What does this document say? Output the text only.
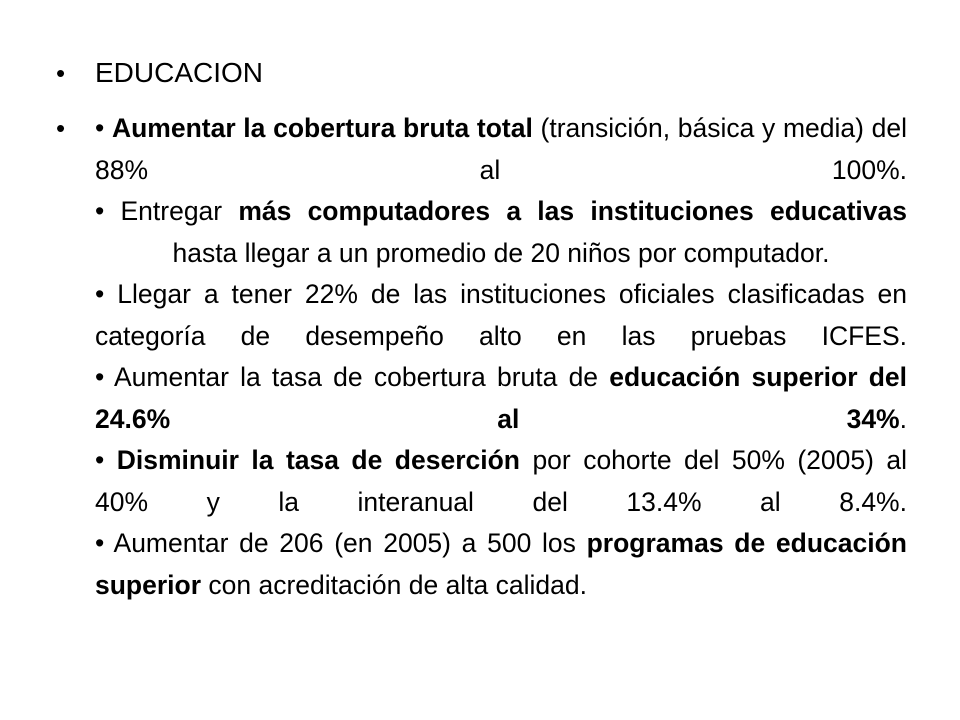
• EDUCACION
• • Aumentar la cobertura bruta total (transición, básica y media) del 88% al 100%.
• Entregar más computadores a las instituciones educativas hasta llegar a un promedio de 20 niños por computador.
• Llegar a tener 22% de las instituciones oficiales clasificadas en categoría de desempeño alto en las pruebas ICFES.
• Aumentar la tasa de cobertura bruta de educación superior del 24.6% al 34%.
• Disminuir la tasa de deserción por cohorte del 50% (2005) al 40% y la interanual del 13.4% al 8.4%.
• Aumentar de 206 (en 2005) a 500 los programas de educación superior con acreditación de alta calidad.
